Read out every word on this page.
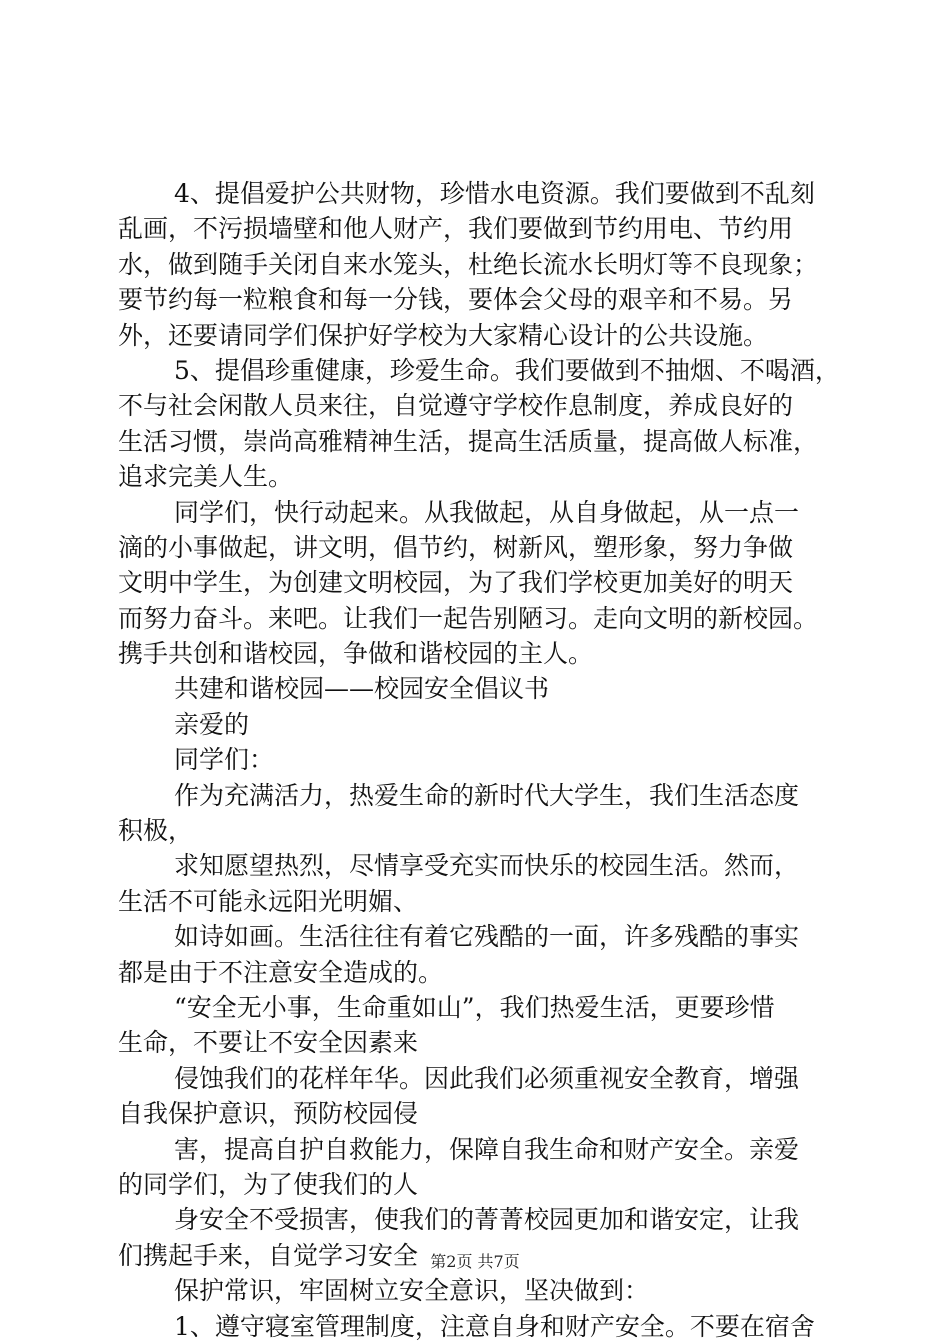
4、提倡爱护公共财物，珍惜水电资源。我们要做到不乱刻
乱画，不污损墙壁和他人财产，我们要做到节约用电、节约用
水，做到随手关闭自来水笼头，杜绝长流水长明灯等不良现象；
要节约每一粒粮食和每一分钱，要体会父母的艰辛和不易。另
外，还要请同学们保护好学校为大家精心设计的公共设施。
5、提倡珍重健康，珍爱生命。我们要做到不抽烟、不喝酒，
不与社会闲散人员来往，自觉遵守学校作息制度，养成良好的
生活习惯，崇尚高雅精神生活，提高生活质量，提高做人标准，
追求完美人生。
同学们，快行动起来。从我做起，从自身做起，从一点一
滴的小事做起，讲文明，倡节约，树新风，塑形象，努力争做
文明中学生，为创建文明校园，为了我们学校更加美好的明天
而努力奋斗。来吧。让我们一起告别陋习。走向文明的新校园。
携手共创和谐校园，争做和谐校园的主人。
共建和谐校园——校园安全倡议书
亲爱的
同学们：
作为充满活力，热爱生命的新时代大学生，我们生活态度
积极，
求知愿望热烈，尽情享受充实而快乐的校园生活。然而，
生活不可能永远阳光明媚、
如诗如画。生活往往有着它残酷的一面，许多残酷的事实
都是由于不注意安全造成的。
“安全无小事，生命重如山”，我们热爱生活，更要珍惜
生命，不要让不安全因素来
侵蚀我们的花样年华。因此我们必须重视安全教育，增强
自我保护意识，预防校园侵
害，提高自护自救能力，保障自我生命和财产安全。亲爱
的同学们，为了使我们的人
身安全不受损害，使我们的菁菁校园更加和谐安定，让我
们携起手来，自觉学习安全
保护常识，牢固树立安全意识，坚决做到：
1、遵守寝室管理制度，注意自身和财产安全。不要在宿舍
第2页 共7页
